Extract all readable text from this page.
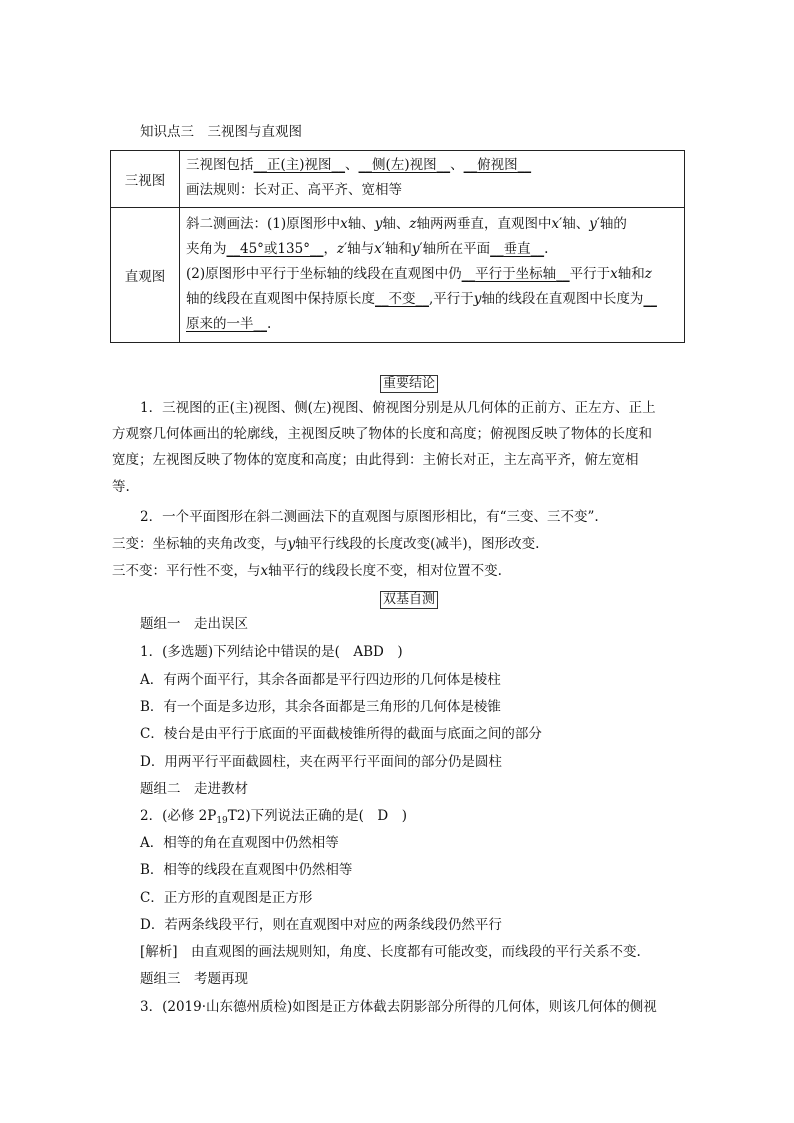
知识点三　三视图与直观图
三视图	三视图包括__正(主)视图__、__侧(左)视图__、__俯视图__
画法规则：长对正、高平齐、宽相等

直观图	斜二测画法：(1)原图形中x轴、y轴、z轴两两垂直，直观图中x′轴、y′轴的
夹角为__45°或135°__，z′轴与x′轴和y′轴所在平面__垂直__.
(2)原图形中平行于坐标轴的线段在直观图中仍__平行于坐标轴__平行于x轴和z
轴的线段在直观图中保持原长度__不变__,平行于y轴的线段在直观图中长度为__
原来的一半__.
重要结论
1．三视图的正(主)视图、侧(左)视图、俯视图分别是从几何体的正前方、正左方、正上
方观察几何体画出的轮廓线，主视图反映了物体的长度和高度；俯视图反映了物体的长度和
宽度；左视图反映了物体的宽度和高度；由此得到：主俯长对正，主左高平齐，俯左宽相
等.
2．一个平面图形在斜二测画法下的直观图与原图形相比，有“三变、三不变”.
三变：坐标轴的夹角改变，与y轴平行线段的长度改变(减半)，图形改变.
三不变：平行性不变，与x轴平行的线段长度不变，相对位置不变.
双基自测
题组一　走出误区
1．(多选题)下列结论中错误的是(　ABD　)
A．有两个面平行，其余各面都是平行四边形的几何体是棱柱
B．有一个面是多边形，其余各面都是三角形的几何体是棱锥
C．棱台是由平行于底面的平面截棱锥所得的截面与底面之间的部分
D．用两平行平面截圆柱，夹在两平行平面间的部分仍是圆柱
题组二　走进教材
2．(必修 $2P_{19}T2$)下列说法正确的是(　D　)
A．相等的角在直观图中仍然相等
B．相等的线段在直观图中仍然相等
C．正方形的直观图是正方形
D．若两条线段平行，则在直观图中对应的两条线段仍然平行
[解析]　由直观图的画法规则知，角度、长度都有可能改变，而线段的平行关系不变.
题组三　考题再现
3．(2019·山东德州质检)如图是正方体截去阴影部分所得的几何体，则该几何体的侧视
